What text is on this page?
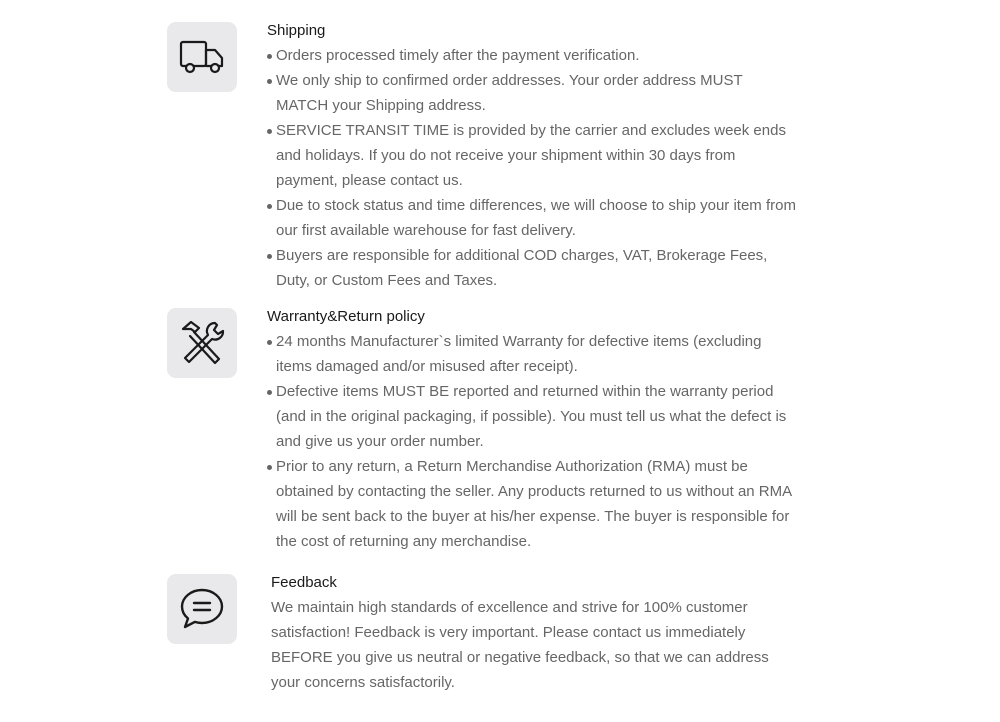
Shipping
Orders processed timely after the payment verification.
We only ship to confirmed order addresses. Your order address MUST MATCH your Shipping address.
SERVICE TRANSIT TIME is provided by the carrier and excludes week ends and holidays. If you do not receive your shipment within 30 days from payment, please contact us.
Due to stock status and time differences, we will choose to ship your item from our first available warehouse for fast delivery.
Buyers are responsible for additional COD charges, VAT, Brokerage Fees, Duty, or Custom Fees and Taxes.
Warranty&Return policy
24 months Manufacturer`s limited Warranty for defective items (excluding items damaged and/or misused after receipt).
Defective items MUST BE reported and returned within the warranty period (and in the original packaging, if possible). You must tell us what the defect is and give us your order number.
Prior to any return, a Return Merchandise Authorization (RMA) must be obtained by contacting the seller. Any products returned to us without an RMA will be sent back to the buyer at his/her expense. The buyer is responsible for the cost of returning any merchandise.
Feedback

We maintain high standards of excellence and strive for 100% customer satisfaction! Feedback is very important. Please contact us immediately BEFORE you give us neutral or negative feedback, so that we can address your concerns satisfactorily.
